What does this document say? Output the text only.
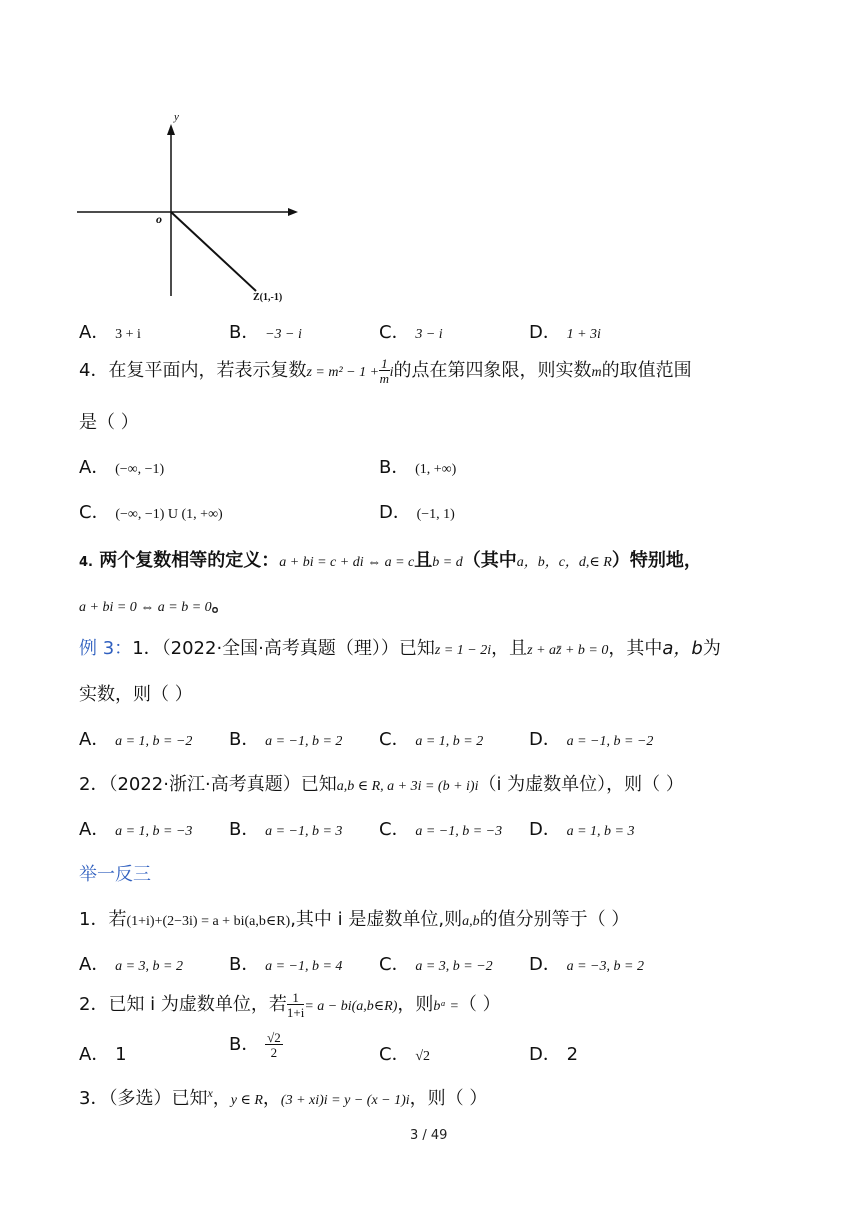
y
o
Z(1,-1)
A． 3 + i	B． −3 − i	C． 3 − i	D． 1 + 3i
4．在复平面内，若表示复数$z = m^2 - 1 + \frac{1}{m}$ i的点在第四象限，则实数m的取值范围
是（ ）
A． (−∞, −1)	B． (1, +∞)
C． (−∞, −1) U (1, +∞)	D． (−1, 1)
4. 两个复数相等的定义：a + bi = c + di ⇔ a = c且b = d（其中a，b，c，d,∈ R）特别地，
a + bi = 0 ⇔ a = b = 0。
例 3：1．（2022·全国·高考真题（理））已知z = 1 − 2i，且z + az̄ + b = 0，其中a，b为
实数，则（ ）
A． a = 1, b = −2 B． a = −1, b = 2 C． a = 1, b = 2	D． a = −1, b = −2
2．（2022·浙江·高考真题）已知a,b ∈ R, a + 3i = (b + i)i（i 为虚数单位），则（ ）
A． a = 1, b = −3 B． a = −1, b = 3 C． a = −1, b = −3 D． a = 1, b = 3
举一反三
1．若(1+i)+(2−3i) = a + bi(a,b∈R),其中 i 是虚数单位,则a,b的值分别等于（ ）
A． a = 3, b = 2	B． a = −1, b = 4 C． a = 3, b = −2 D． a = −3, b = 2
2．已知 i 为虚数单位，若 $\frac{1}{1+i} = a$ − bi(a,b∈R)，则bᵃ =（ ）
A． 1	B． $\frac{√2}{2}$	C． √2	D． 2
3．（多选）已知$^x$，y ∈ R，(3 + xi)i = y − (x − 1)i，则（ ）
3 / 49
